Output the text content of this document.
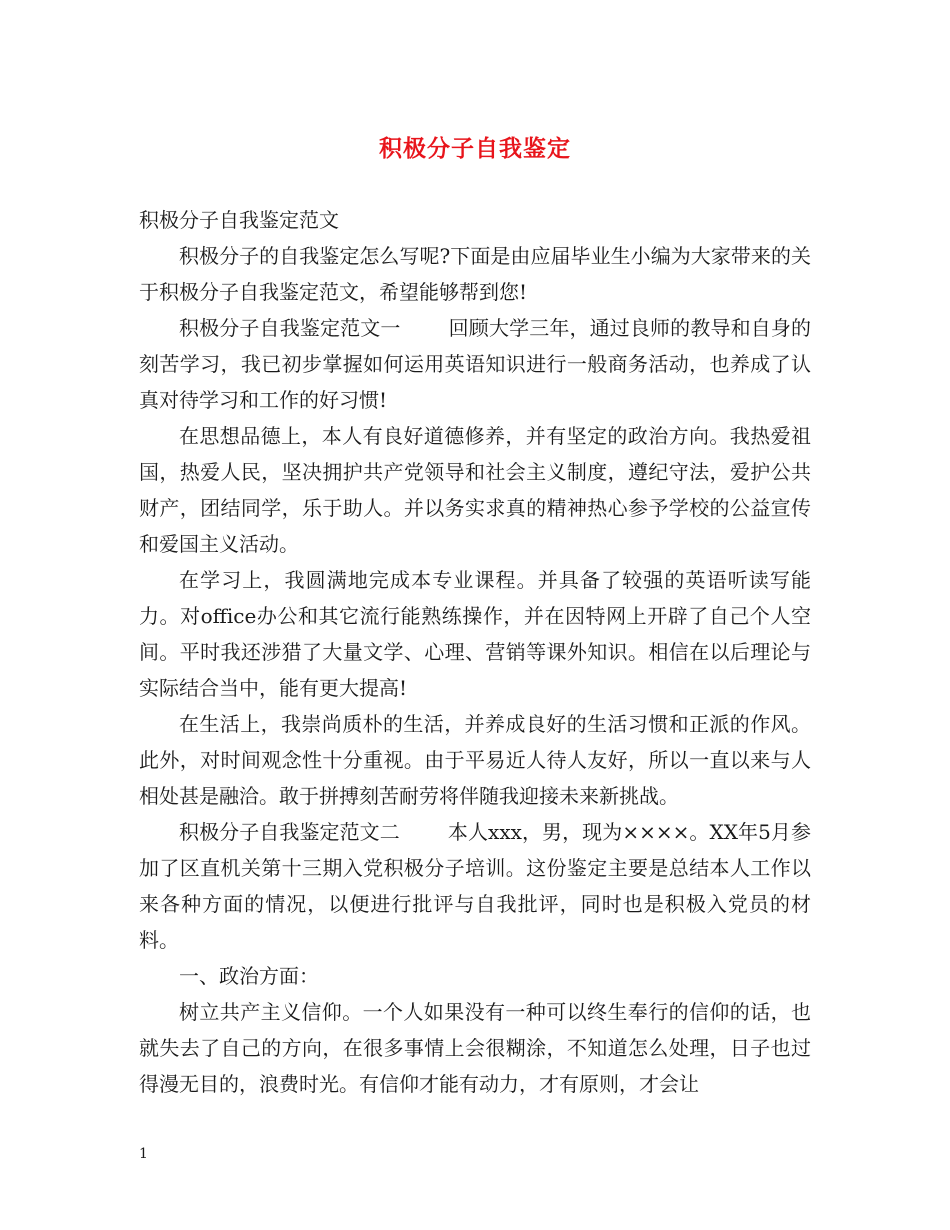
积极分子自我鉴定

积极分子自我鉴定范文

积极分子的自我鉴定怎么写呢?下面是由应届毕业生小编为大家带来的关于积极分子自我鉴定范文，希望能够帮到您!

积极分子自我鉴定范文一 回顾大学三年，通过良师的教导和自身的刻苦学习，我已初步掌握如何运用英语知识进行一般商务活动，也养成了认真对待学习和工作的好习惯!

在思想品德上，本人有良好道德修养，并有坚定的政治方向。我热爱祖国，热爱人民，坚决拥护共产党领导和社会主义制度，遵纪守法，爱护公共财产，团结同学，乐于助人。并以务实求真的精神热心参予学校的公益宣传和爱国主义活动。

在学习上，我圆满地完成本专业课程。并具备了较强的英语听读写能力。对office办公和其它流行能熟练操作，并在因特网上开辟了自己个人空间。平时我还涉猎了大量文学、心理、营销等课外知识。相信在以后理论与实际结合当中，能有更大提高!

在生活上，我崇尚质朴的生活，并养成良好的生活习惯和正派的作风。此外，对时间观念性十分重视。由于平易近人待人友好，所以一直以来与人相处甚是融洽。敢于拼搏刻苦耐劳将伴随我迎接未来新挑战。

积极分子自我鉴定范文二 本人xxx，男，现为××××。XX年5月参加了区直机关第十三期入党积极分子培训。这份鉴定主要是总结本人工作以来各种方面的情况，以便进行批评与自我批评，同时也是积极入党员的材料。

一、政治方面：

树立共产主义信仰。一个人如果没有一种可以终生奉行的信仰的话，也就失去了自己的方向，在很多事情上会很糊涂，不知道怎么处理，日子也过得漫无目的，浪费时光。有信仰才能有动力，才有原则，才会让

1
